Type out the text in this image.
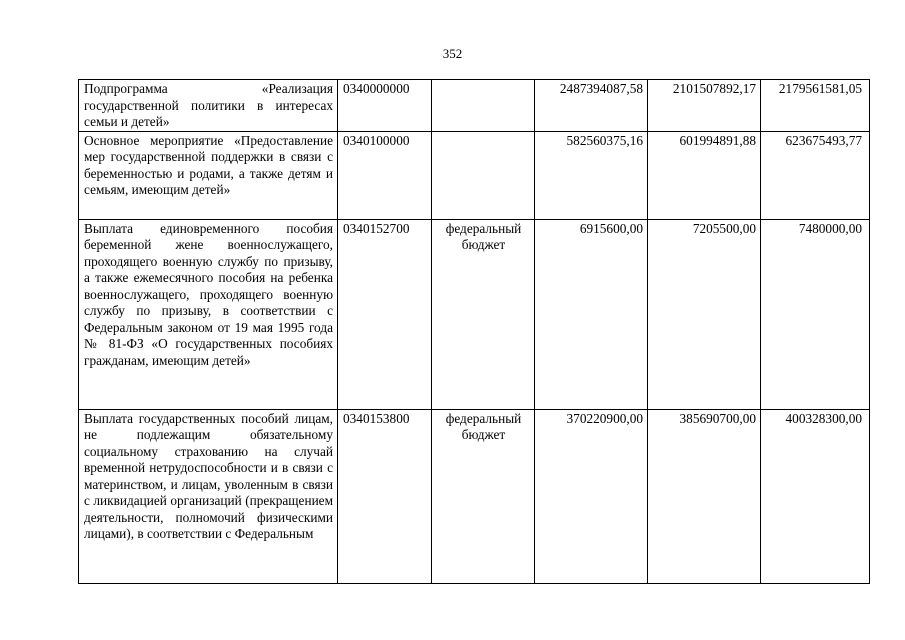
352
Подпрограмма «Реализация государственной политики в интересах семьи и детей»	0340000000		2487394087,58	2101507892,17	2179561581,05
Основное мероприятие «Предоставление мер государственной поддержки в связи с беременностью и родами, а также детям и семьям, имеющим детей»	0340100000		582560375,16	601994891,88	623675493,77
Выплата единовременного пособия беременной жене военнослужащего, проходящего военную службу по призыву, а также ежемесячного пособия на ребенка военнослужащего, проходящего военную службу по призыву, в соответствии с Федеральным законом от 19 мая 1995 года № 81-ФЗ «О государственных пособиях гражданам, имеющим детей»	0340152700	федеральный бюджет	6915600,00	7205500,00	7480000,00
Выплата государственных пособий лицам, не подлежащим обязательному социальному страхованию на случай временной нетрудоспособности и в связи с материнством, и лицам, уволенным в связи с ликвидацией организаций (прекращением деятельности, полномочий физическими лицами), в соответствии с Федеральным	0340153800	федеральный бюджет	370220900,00	385690700,00	400328300,00
